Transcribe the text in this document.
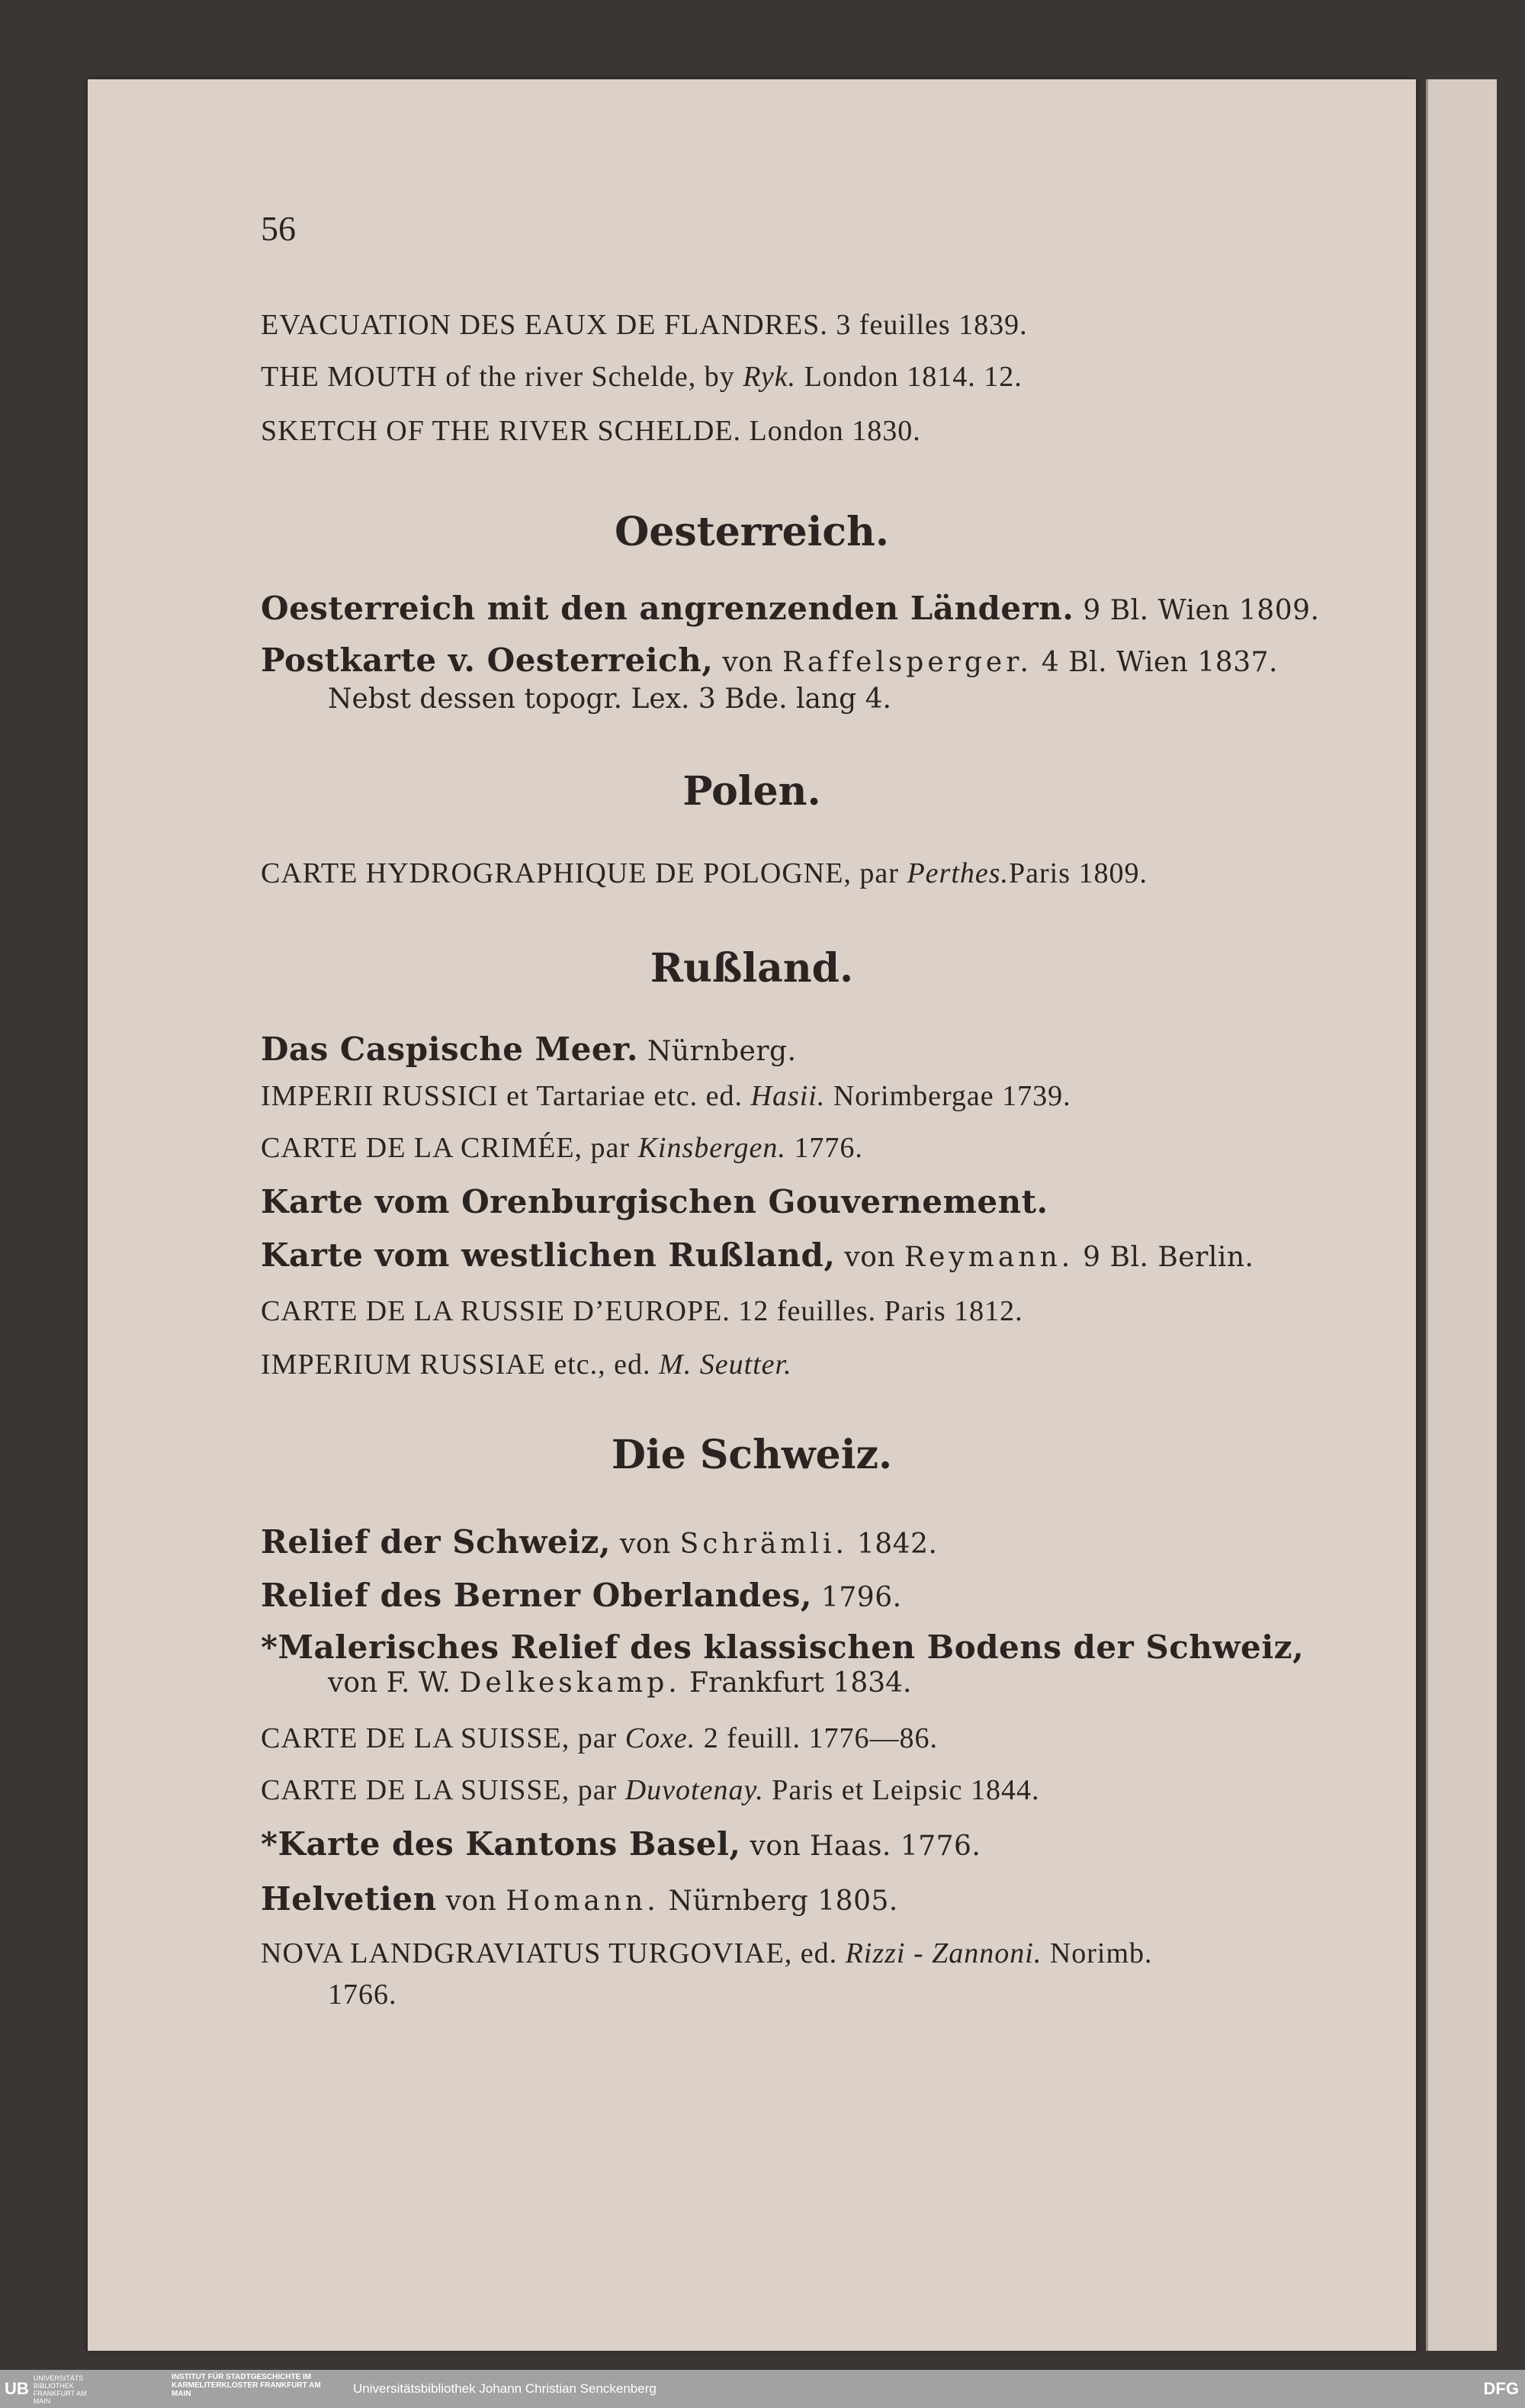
56
EVACUATION DES EAUX DE FLANDRES. 3 feuilles 1839.
THE MOUTH of the river Schelde, by Ryk. London 1814. 12.
SKETCH OF THE RIVER SCHELDE. London 1830.
Oesterreich.
Oesterreich mit den angrenzenden Ländern. 9 Bl. Wien 1809.
Postkarte v. Oesterreich, von Raffelsperger. 4 Bl. Wien 1837.
Nebst dessen topogr. Lex. 3 Bde. lang 4.
Polen.
CARTE HYDROGRAPHIQUE DE POLOGNE, par Perthes.Paris 1809.
Rußland.
Das Caspische Meer. Nürnberg.
IMPERII RUSSICI et Tartariae etc. ed. Hasii. Norimbergae 1739.
CARTE DE LA CRIMÉE, par Kinsbergen. 1776.
Karte vom Orenburgischen Gouvernement.
Karte vom westlichen Rußland, von Reymann. 9 Bl. Berlin.
CARTE DE LA RUSSIE D’EUROPE. 12 feuilles. Paris 1812.
IMPERIUM RUSSIAE etc., ed. M. Seutter.
Die Schweiz.
Relief der Schweiz, von Schrämli. 1842.
Relief des Berner Oberlandes, 1796.
*Malerisches Relief des klassischen Bodens der Schweiz,
von F. W. Delkeskamp. Frankfurt 1834.
CARTE DE LA SUISSE, par Coxe. 2 feuill. 1776—86.
CARTE DE LA SUISSE, par Duvotenay. Paris et Leipsic 1844.
*Karte des Kantons Basel, von Haas. 1776.
Helvetien von Homann. Nürnberg 1805.
NOVA LANDGRAVIATUS TURGOVIAE, ed. Rizzi - Zannoni. Norimb.
1766.
UBUNIVERSITÄTS BIBLIOTHEK FRANKFURT AM MAIN
INSTITUT FÜR STADTGESCHICHTE IM KARMELITERKLOSTER FRANKFURT AM MAIN	Universitätsbibliothek Johann Christian Senckenberg	DFG
